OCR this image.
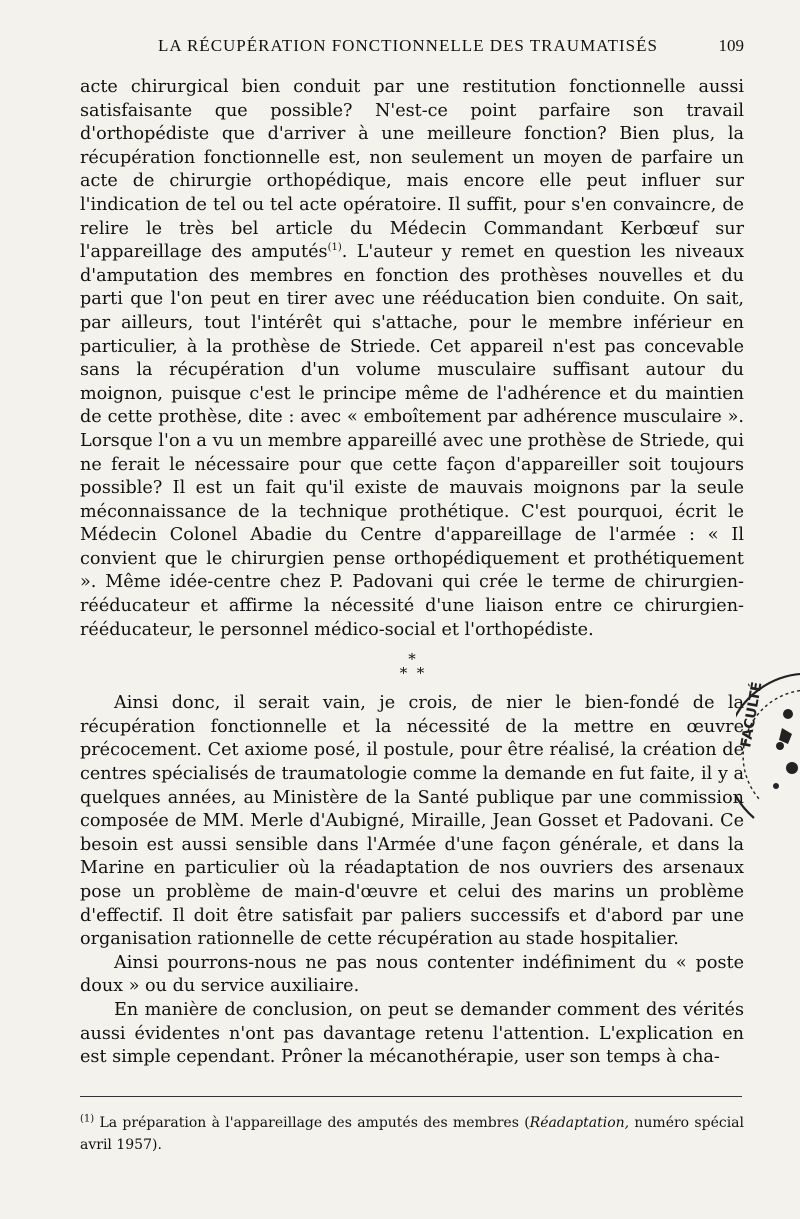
LA RÉCUPÉRATION FONCTIONNELLE DES TRAUMATISÉS	109

acte chirurgical bien conduit par une restitution fonctionnelle aussi satisfaisante que possible? N'est-ce point parfaire son travail d'orthopédiste que d'arriver à une meilleure fonction? Bien plus, la récupération fonctionnelle est, non seulement un moyen de parfaire un acte de chirurgie orthopédique, mais encore elle peut influer sur l'indication de tel ou tel acte opératoire. Il suffit, pour s'en convaincre, de relire le très bel article du Médecin Commandant Kerbœuf sur l'appareillage des amputés$^{(1)}$. L'auteur y remet en question les niveaux d'amputation des membres en fonction des prothèses nouvelles et du parti que l'on peut en tirer avec une rééducation bien conduite. On sait, par ailleurs, tout l'intérêt qui s'attache, pour le membre inférieur en particulier, à la prothèse de Striede. Cet appareil n'est pas concevable sans la récupération d'un volume musculaire suffisant autour du moignon, puisque c'est le principe même de l'adhérence et du maintien de cette prothèse, dite : avec « emboîtement par adhérence musculaire ». Lorsque l'on a vu un membre appareillé avec une prothèse de Striede, qui ne ferait le nécessaire pour que cette façon d'appareiller soit toujours possible? Il est un fait qu'il existe de mauvais moignons par la seule méconnaissance de la technique prothétique. C'est pourquoi, écrit le Médecin Colonel Abadie du Centre d'appareillage de l'armée : « Il convient que le chirurgien pense orthopédiquement et prothétiquement ». Même idée-centre chez P. Padovani qui crée le terme de chirurgien-rééducateur et affirme la nécessité d'une liaison entre ce chirurgien-rééducateur, le personnel médico-social et l'orthopédiste.

*
*  *

Ainsi donc, il serait vain, je crois, de nier le bien-fondé de la récupération fonctionnelle et la nécessité de la mettre en œuvre précocement. Cet axiome posé, il postule, pour être réalisé, la création de centres spécialisés de traumatologie comme la demande en fut faite, il y a quelques années, au Ministère de la Santé publique par une commission composée de MM. Merle d'Aubigné, Miraille, Jean Gosset et Padovani. Ce besoin est aussi sensible dans l'Armée d'une façon générale, et dans la Marine en particulier où la réadaptation de nos ouvriers des arsenaux pose un problème de main-d'œuvre et celui des marins un problème d'effectif. Il doit être satisfait par paliers successifs et d'abord par une organisation rationnelle de cette récupération au stade hospitalier.

Ainsi pourrons-nous ne pas nous contenter indéfiniment du « poste doux » ou du service auxiliaire.

En manière de conclusion, on peut se demander comment des vérités aussi évidentes n'ont pas davantage retenu l'attention. L'explication en est simple cependant. Prôner la mécanothérapie, user son temps à cha-

$^{(1)}$ La préparation à l'appareillage des amputés des membres (Réadaptation, numéro spécial avril 1957).
FACULTÉ
